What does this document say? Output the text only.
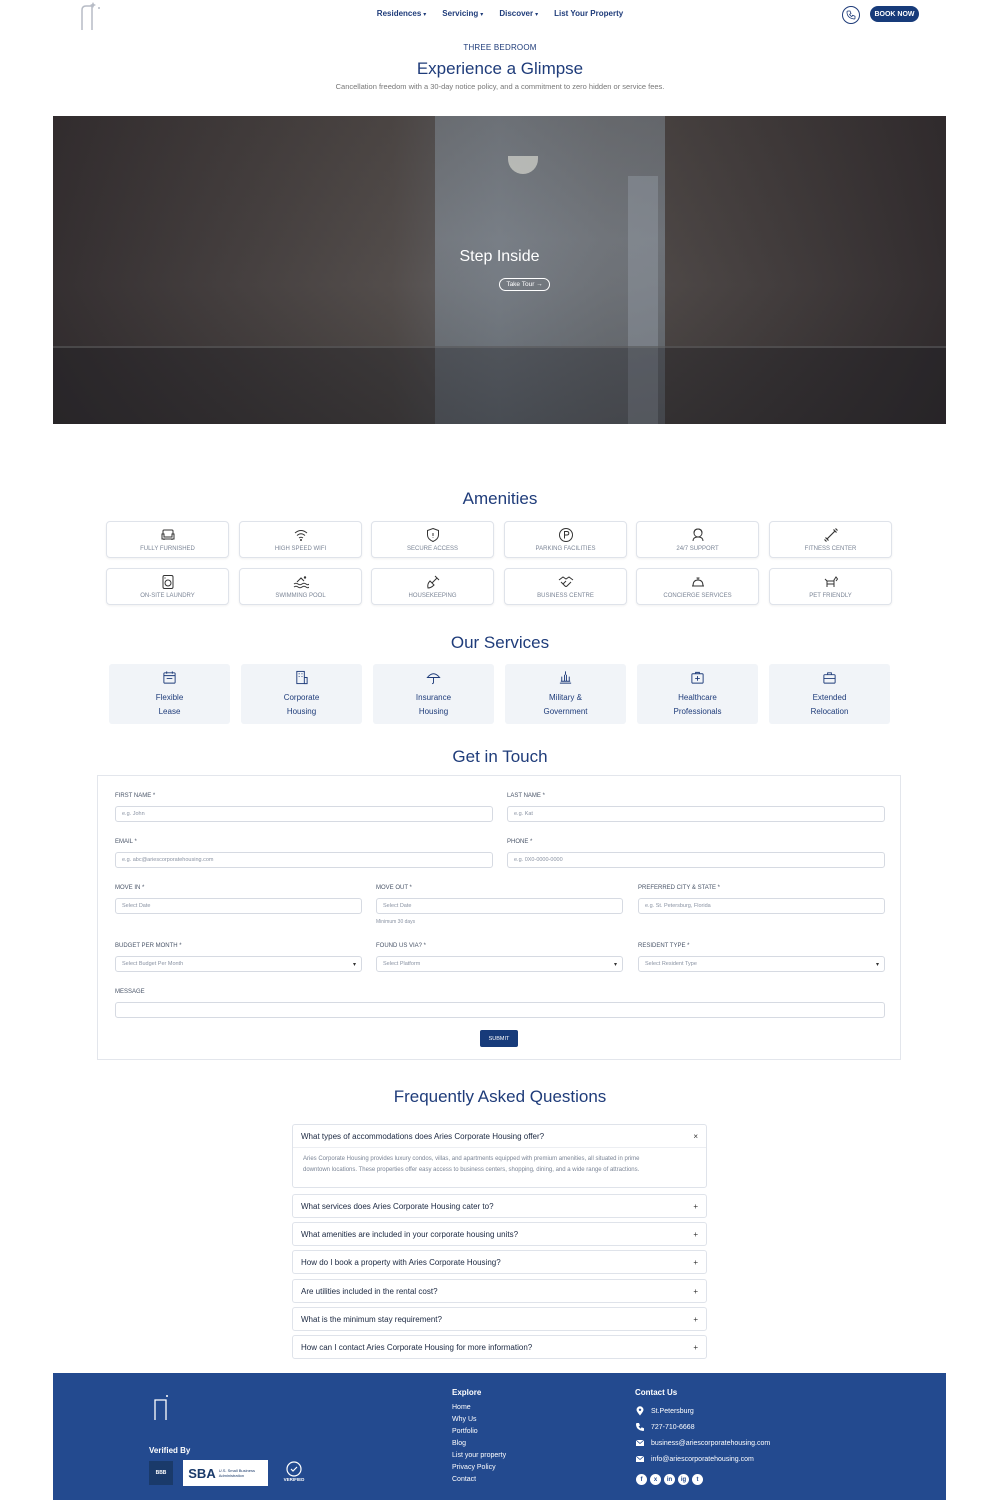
Residences ▾ Servicing ▾ Discover ▾ List Your Property	BOOK NOW
THREE BEDROOM
Experience a Glimpse
Cancellation freedom with a 30-day notice policy, and a commitment to zero hidden or service fees.
Step Inside
Take Tour →
Amenities
FULLY FURNISHED	HIGH SPEED WIFI	SECURE ACCESS	PARKING FACILITIES	24/7 SUPPORT	FITNESS CENTER
ON-SITE LAUNDRY	SWIMMING POOL	HOUSEKEEPING	BUSINESS CENTRE	CONCIERGE SERVICES	PET FRIENDLY
Our Services
Flexible
Lease
Corporate
Housing
Insurance
Housing
Military &
Government
Healthcare
Professionals
Extended
Relocation
Get in Touch
FIRST NAME *
e.g. John
LAST NAME *
e.g. Kat
EMAIL *
e.g. abc@ariescorporatehousing.com
PHONE *
e.g. 0X0-0000-0000
MOVE IN *
Select Date
MOVE OUT *
Select Date
Minimum 30 days
PREFERRED CITY & STATE *
e.g. St. Petersburg, Florida
BUDGET PER MONTH *
Select Budget Per Month	▾
FOUND US VIA? *
Select Platform	▾
RESIDENT TYPE *
Select Resident Type	▾
MESSAGE
SUBMIT
Frequently Asked Questions
What types of accommodations does Aries Corporate Housing offer?	×
Aries Corporate Housing provides luxury condos, villas, and apartments equipped with premium amenities, all situated in prime
downtown locations. These properties offer easy access to business centers, shopping, dining, and a wide range of attractions.
What services does Aries Corporate Housing cater to?	+
What amenities are included in your corporate housing units?	+
How do I book a property with Aries Corporate Housing?	+
Are utilities included in the rental cost?	+
What is the minimum stay requirement?	+
How can I contact Aries Corporate Housing for more information?	+
Verified By
BBB	SBA U.S. Small Business Administration
VERIFIED
Explore
Home
Why Us
Portfolio
Blog
List your property
Privacy Policy
Contact
Contact Us
St.Petersburg
727-710-6668
business@ariescorporatehousing.com
info@ariescorporatehousing.com
f	x	in	ig	t
